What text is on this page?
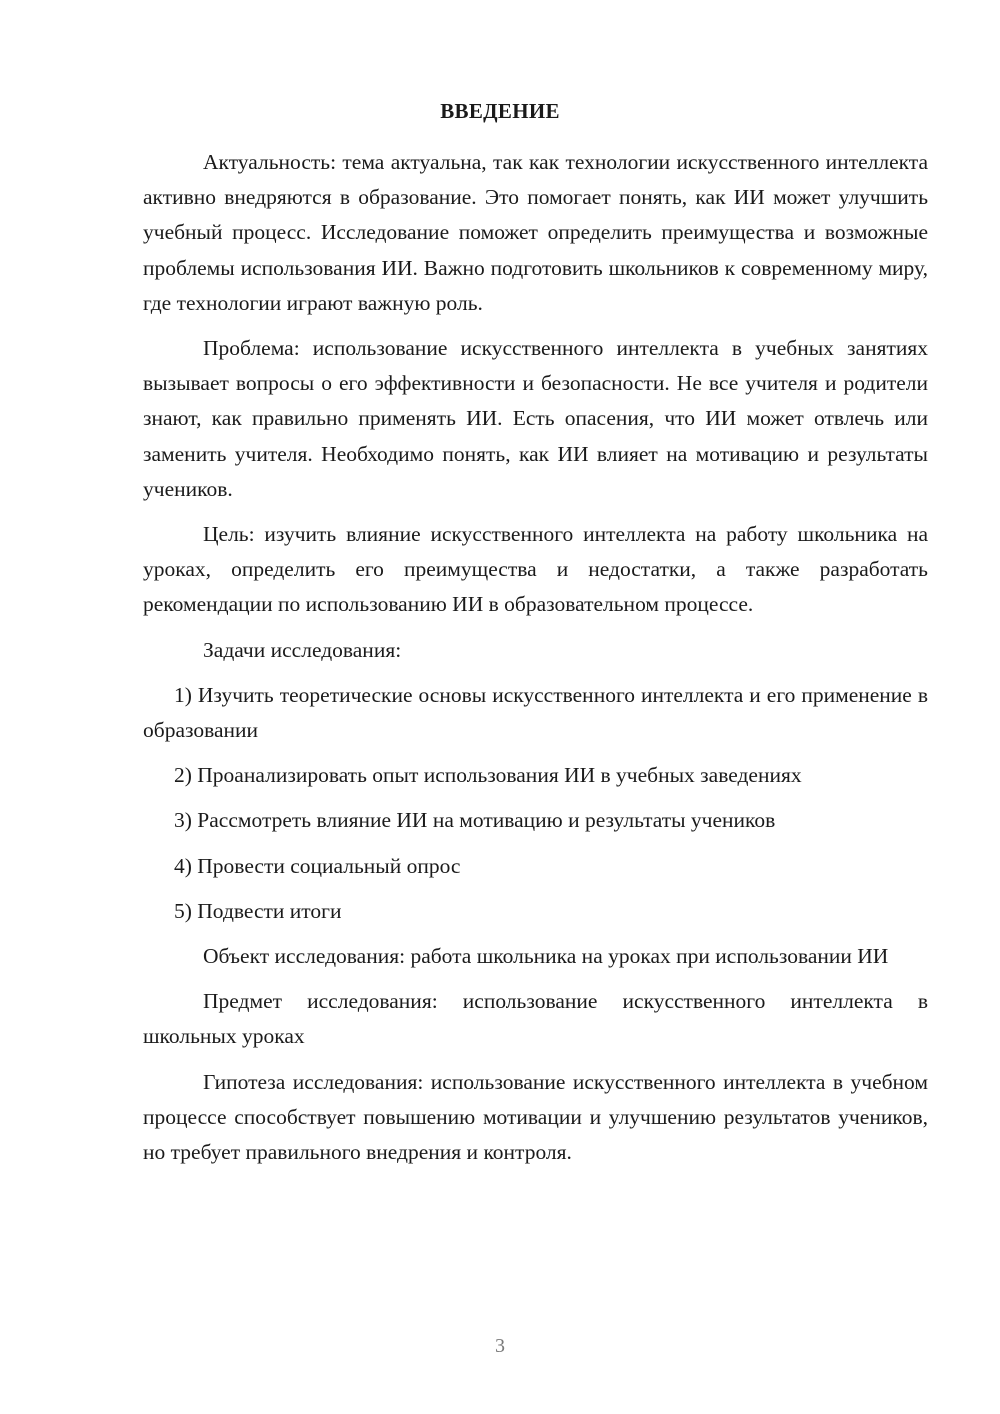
ВВЕДЕНИЕ

Актуальность: тема актуальна, так как технологии искусственного интеллекта активно внедряются в образование. Это помогает понять, как ИИ может улучшить учебный процесс. Исследование поможет определить преимущества и возможные проблемы использования ИИ. Важно подготовить школьников к современному миру, где технологии играют важную роль.

Проблема: использование искусственного интеллекта в учебных занятиях вызывает вопросы о его эффективности и безопасности. Не все учителя и родители знают, как правильно применять ИИ. Есть опасения, что ИИ может отвлечь или заменить учителя. Необходимо понять, как ИИ влияет на мотивацию и результаты учеников.

Цель: изучить влияние искусственного интеллекта на работу школьника на уроках, определить его преимущества и недостатки, а также разработать рекомендации по использованию ИИ в образовательном процессе.

Задачи исследования:

1) Изучить теоретические основы искусственного интеллекта и его применение в образовании

2) Проанализировать опыт использования ИИ в учебных заведениях

3) Рассмотреть влияние ИИ на мотивацию и результаты учеников

4) Провести социальный опрос

5) Подвести итоги

Объект исследования: работа школьника на уроках при использовании ИИ

Предмет исследования: использование искусственного интеллекта в школьных уроках

Гипотеза исследования: использование искусственного интеллекта в учебном процессе способствует повышению мотивации и улучшению результатов учеников, но требует правильного внедрения и контроля.

3
